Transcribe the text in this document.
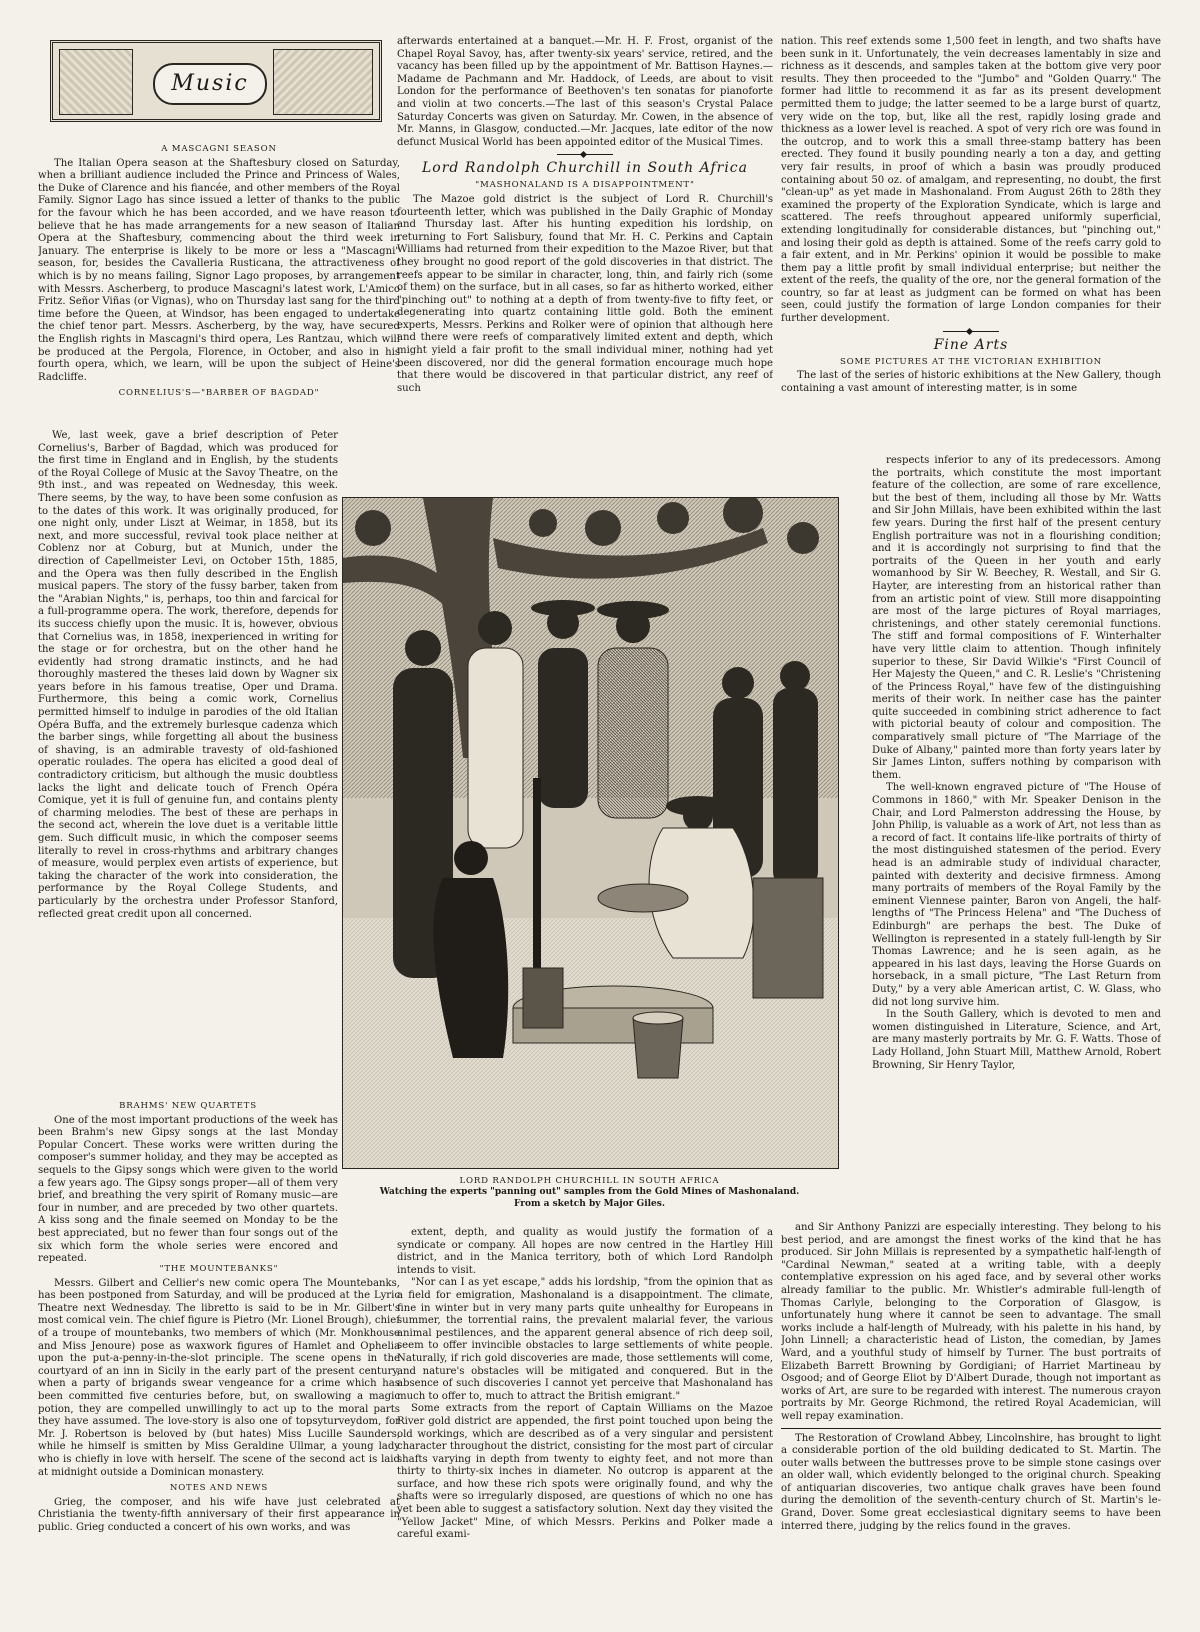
Music
A MASCAGNI SEASON

The Italian Opera season at the Shaftesbury closed on Saturday, when a brilliant audience included the Prince and Princess of Wales, the Duke of Clarence and his fiancée, and other members of the Royal Family. Signor Lago has since issued a letter of thanks to the public for the favour which he has been accorded, and we have reason to believe that he has made arrangements for a new season of Italian Opera at the Shaftesbury, commencing about the third week in January. The enterprise is likely to be more or less a "Mascagni" season, for, besides the Cavalleria Rusticana, the attractiveness of which is by no means failing, Signor Lago proposes, by arrangement with Messrs. Ascherberg, to produce Mascagni's latest work, L'Amico Fritz. Señor Viñas (or Vignas), who on Thursday last sang for the third time before the Queen, at Windsor, has been engaged to undertake the chief tenor part. Messrs. Ascherberg, by the way, have secured the English rights in Mascagni's third opera, Les Rantzau, which will be produced at the Pergola, Florence, in October, and also in his fourth opera, which, we learn, will be upon the subject of Heine's Radcliffe.

CORNELIUS'S—"BARBER OF BAGDAD"

We, last week, gave a brief description of Peter Cornelius's, Barber of Bagdad, which was produced for the first time in England and in English, by the students of the Royal College of Music at the Savoy Theatre, on the 9th inst., and was repeated on Wednesday, this week. There seems, by the way, to have been some confusion as to the dates of this work. It was originally produced, for one night only, under Liszt at Weimar, in 1858, but its next, and more successful, revival took place neither at Coblenz nor at Coburg, but at Munich, under the direction of Capellmeister Levi, on October 15th, 1885, and the Opera was then fully described in the English musical papers. The story of the fussy barber, taken from the "Arabian Nights," is, perhaps, too thin and farcical for a full-programme opera. The work, therefore, depends for its success chiefly upon the music. It is, however, obvious that Cornelius was, in 1858, inexperienced in writing for the stage or for orchestra, but on the other hand he evidently had strong dramatic instincts, and he had thoroughly mastered the theses laid down by Wagner six years before in his famous treatise, Oper und Drama. Furthermore, this being a comic work, Cornelius permitted himself to indulge in parodies of the old Italian Opéra Buffa, and the extremely burlesque cadenza which the barber sings, while forgetting all about the business of shaving, is an admirable travesty of old-fashioned operatic roulades. The opera has elicited a good deal of contradictory criticism, but although the music doubtless lacks the light and delicate touch of French Opéra Comique, yet it is full of genuine fun, and contains plenty of charming melodies. The best of these are perhaps in the second act, wherein the love duet is a veritable little gem. Such difficult music, in which the composer seems literally to revel in cross-rhythms and arbitrary changes of measure, would perplex even artists of experience, but taking the character of the work into consideration, the performance by the Royal College Students, and particularly by the orchestra under Professor Stanford, reflected great credit upon all concerned.

BRAHMS' NEW QUARTETS

One of the most important productions of the week has been Brahm's new Gipsy songs at the last Monday Popular Concert. These works were written during the composer's summer holiday, and they may be accepted as sequels to the Gipsy songs which were given to the world a few years ago. The Gipsy songs proper—all of them very brief, and breathing the very spirit of Romany music—are four in number, and are preceded by two other quartets. A kiss song and the finale seemed on Monday to be the best appreciated, but no fewer than four songs out of the six which form the whole series were encored and repeated.

"THE MOUNTEBANKS"

Messrs. Gilbert and Cellier's new comic opera The Mountebanks, has been postponed from Saturday, and will be produced at the Lyric Theatre next Wednesday. The libretto is said to be in Mr. Gilbert's most comical vein. The chief figure is Pietro (Mr. Lionel Brough), chief of a troupe of mountebanks, two members of which (Mr. Monkhouse and Miss Jenoure) pose as waxwork figures of Hamlet and Ophelia upon the put-a-penny-in-the-slot principle. The scene opens in the courtyard of an inn in Sicily in the early part of the present century, when a party of brigands swear vengeance for a crime which has been committed five centuries before, but, on swallowing a magic potion, they are compelled unwillingly to act up to the moral parts they have assumed. The love-story is also one of topsyturveydom, for Mr. J. Robertson is beloved by (but hates) Miss Lucille Saunders, while he himself is smitten by Miss Geraldine Ullmar, a young lady who is chiefly in love with herself. The scene of the second act is laid at midnight outside a Dominican monastery.

NOTES AND NEWS

Grieg, the composer, and his wife have just celebrated at Christiania the twenty-fifth anniversary of their first appearance in public. Grieg conducted a concert of his own works, and was

afterwards entertained at a banquet.—Mr. H. F. Frost, organist of the Chapel Royal Savoy, has, after twenty-six years' service, retired, and the vacancy has been filled up by the appointment of Mr. Battison Haynes.—Madame de Pachmann and Mr. Haddock, of Leeds, are about to visit London for the performance of Beethoven's ten sonatas for pianoforte and violin at two concerts.—The last of this season's Crystal Palace Saturday Concerts was given on Saturday. Mr. Cowen, in the absence of Mr. Manns, in Glasgow, conducted.—Mr. Jacques, late editor of the now defunct Musical World has been appointed editor of the Musical Times.

Lord Randolph Churchill in South Africa
"MASHONALAND IS A DISAPPOINTMENT"

The Mazoe gold district is the subject of Lord R. Churchill's fourteenth letter, which was published in the Daily Graphic of Monday and Thursday last. After his hunting expedition his lordship, on returning to Fort Salisbury, found that Mr. H. C. Perkins and Captain Williams had returned from their expedition to the Mazoe River, but that they brought no good report of the gold discoveries in that district. The reefs appear to be similar in character, long, thin, and fairly rich (some of them) on the surface, but in all cases, so far as hitherto worked, either "pinching out" to nothing at a depth of from twenty-five to fifty feet, or degenerating into quartz containing little gold. Both the eminent experts, Messrs. Perkins and Rolker were of opinion that although here and there were reefs of comparatively limited extent and depth, which might yield a fair profit to the small individual miner, nothing had yet been discovered, nor did the general formation encourage much hope that there would be discovered in that particular district, any reef of such

LORD RANDOLPH CHURCHILL IN SOUTH AFRICA
Watching the experts "panning out" samples from the Gold Mines of Mashonaland.
From a sketch by Major Giles.

extent, depth, and quality as would justify the formation of a syndicate or company. All hopes are now centred in the Hartley Hill district, and in the Manica territory, both of which Lord Randolph intends to visit.

"Nor can I as yet escape," adds his lordship, "from the opinion that as a field for emigration, Mashonaland is a disappointment. The climate, fine in winter but in very many parts quite unhealthy for Europeans in summer, the torrential rains, the prevalent malarial fever, the various animal pestilences, and the apparent general absence of rich deep soil, seem to offer invincible obstacles to large settlements of white people. Naturally, if rich gold discoveries are made, those settlements will come, and nature's obstacles will be mitigated and conquered. But in the absence of such discoveries I cannot yet perceive that Mashonaland has much to offer to, much to attract the British emigrant."

Some extracts from the report of Captain Williams on the Mazoe River gold district are appended, the first point touched upon being the old workings, which are described as of a very singular and persistent character throughout the district, consisting for the most part of circular shafts varying in depth from twenty to eighty feet, and not more than thirty to thirty-six inches in diameter. No outcrop is apparent at the surface, and how these rich spots were originally found, and why the shafts were so irregularly disposed, are questions of which no one has yet been able to suggest a satisfactory solution. Next day they visited the "Yellow Jacket" Mine, of which Messrs. Perkins and Polker made a careful exami-

nation. This reef extends some 1,500 feet in length, and two shafts have been sunk in it. Unfortunately, the vein decreases lamentably in size and richness as it descends, and samples taken at the bottom give very poor results. They then proceeded to the "Jumbo" and "Golden Quarry." The former had little to recommend it as far as its present development permitted them to judge; the latter seemed to be a large burst of quartz, very wide on the top, but, like all the rest, rapidly losing grade and thickness as a lower level is reached. A spot of very rich ore was found in the outcrop, and to work this a small three-stamp battery has been erected. They found it busily pounding nearly a ton a day, and getting very fair results, in proof of which a basin was proudly produced containing about 50 oz. of amalgam, and representing, no doubt, the first "clean-up" as yet made in Mashonaland. From August 26th to 28th they examined the property of the Exploration Syndicate, which is large and scattered. The reefs throughout appeared uniformly superficial, extending longitudinally for considerable distances, but "pinching out," and losing their gold as depth is attained. Some of the reefs carry gold to a fair extent, and in Mr. Perkins' opinion it would be possible to make them pay a little profit by small individual enterprise; but neither the extent of the reefs, the quality of the ore, nor the general formation of the country, so far at least as judgment can be formed on what has been seen, could justify the formation of large London companies for their further development.

Fine Arts
SOME PICTURES AT THE VICTORIAN EXHIBITION

The last of the series of historic exhibitions at the New Gallery, though containing a vast amount of interesting matter, is in some

respects inferior to any of its predecessors. Among the portraits, which constitute the most important feature of the collection, are some of rare excellence, but the best of them, including all those by Mr. Watts and Sir John Millais, have been exhibited within the last few years. During the first half of the present century English portraiture was not in a flourishing condition; and it is accordingly not surprising to find that the portraits of the Queen in her youth and early womanhood by Sir W. Beechey, R. Westall, and Sir G. Hayter, are interesting from an historical rather than from an artistic point of view. Still more disappointing are most of the large pictures of Royal marriages, christenings, and other stately ceremonial functions. The stiff and formal compositions of F. Winterhalter have very little claim to attention. Though infinitely superior to these, Sir David Wilkie's "First Council of Her Majesty the Queen," and C. R. Leslie's "Christening of the Princess Royal," have few of the distinguishing merits of their work. In neither case has the painter quite succeeded in combining strict adherence to fact with pictorial beauty of colour and composition. The comparatively small picture of "The Marriage of the Duke of Albany," painted more than forty years later by Sir James Linton, suffers nothing by comparison with them.

The well-known engraved picture of "The House of Commons in 1860," with Mr. Speaker Denison in the Chair, and Lord Palmerston addressing the House, by John Philip, is valuable as a work of Art, not less than as a record of fact. It contains life-like portraits of thirty of the most distinguished statesmen of the period. Every head is an admirable study of individual character, painted with dexterity and decisive firmness. Among many portraits of members of the Royal Family by the eminent Viennese painter, Baron von Angeli, the half-lengths of "The Princess Helena" and "The Duchess of Edinburgh" are perhaps the best. The Duke of Wellington is represented in a stately full-length by Sir Thomas Lawrence; and he is seen again, as he appeared in his last days, leaving the Horse Guards on horseback, in a small picture, "The Last Return from Duty," by a very able American artist, C. W. Glass, who did not long survive him.

In the South Gallery, which is devoted to men and women distinguished in Literature, Science, and Art, are many masterly portraits by Mr. G. F. Watts. Those of Lady Holland, John Stuart Mill, Matthew Arnold, Robert Browning, Sir Henry Taylor,

and Sir Anthony Panizzi are especially interesting. They belong to his best period, and are amongst the finest works of the kind that he has produced. Sir John Millais is represented by a sympathetic half-length of "Cardinal Newman," seated at a writing table, with a deeply contemplative expression on his aged face, and by several other works already familiar to the public. Mr. Whistler's admirable full-length of Thomas Carlyle, belonging to the Corporation of Glasgow, is unfortunately hung where it cannot be seen to advantage. The small works include a half-length of Mulready, with his palette in his hand, by John Linnell; a characteristic head of Liston, the comedian, by James Ward, and a youthful study of himself by Turner. The bust portraits of Elizabeth Barrett Browning by Gordigiani; of Harriet Martineau by Osgood; and of George Eliot by D'Albert Durade, though not important as works of Art, are sure to be regarded with interest. The numerous crayon portraits by Mr. George Richmond, the retired Royal Academician, will well repay examination.

The Restoration of Crowland Abbey, Lincolnshire, has brought to light a considerable portion of the old building dedicated to St. Martin. The outer walls between the buttresses prove to be simple stone casings over an older wall, which evidently belonged to the original church. Speaking of antiquarian discoveries, two antique chalk graves have been found during the demolition of the seventh-century church of St. Martin's le-Grand, Dover. Some great ecclesiastical dignitary seems to have been interred there, judging by the relics found in the graves.
